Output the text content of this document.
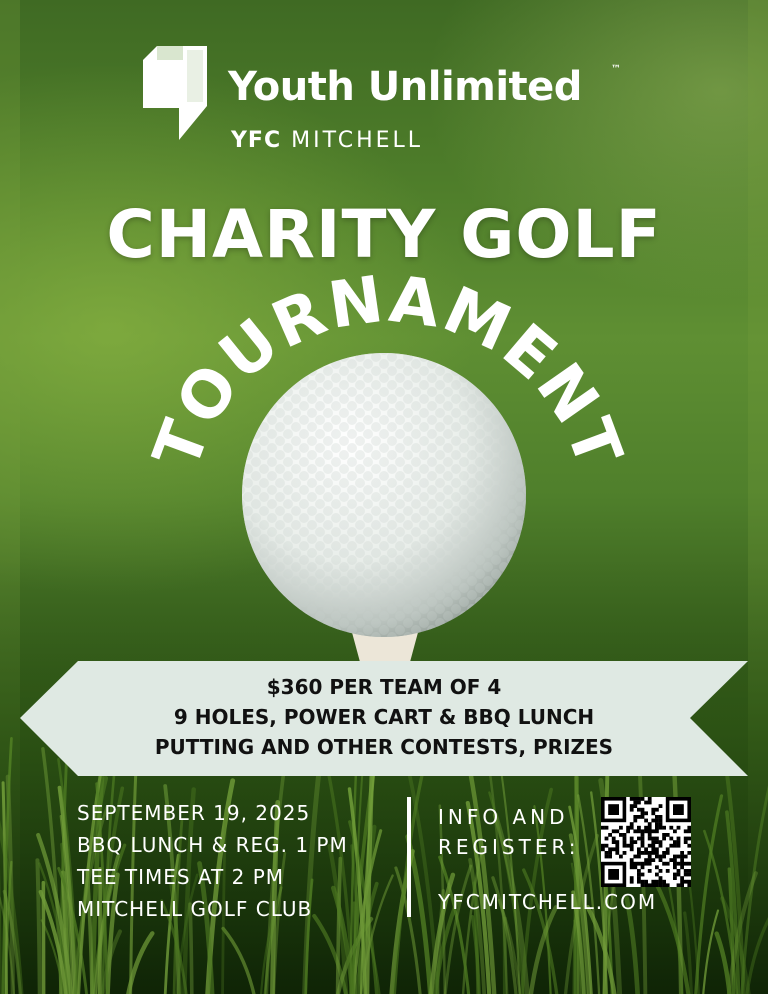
Youth Unlimited	™
YFC MITCHELL
CHARITY GOLF
TOURNAMENT
$360 PER TEAM OF 4
9 HOLES, POWER CART & BBQ LUNCH
PUTTING AND OTHER CONTESTS, PRIZES
SEPTEMBER 19, 2025
BBQ LUNCH & REG. 1 PM
TEE TIMES AT 2 PM
MITCHELL GOLF CLUB
INFO AND
REGISTER:
YFCMITCHELL.COM
